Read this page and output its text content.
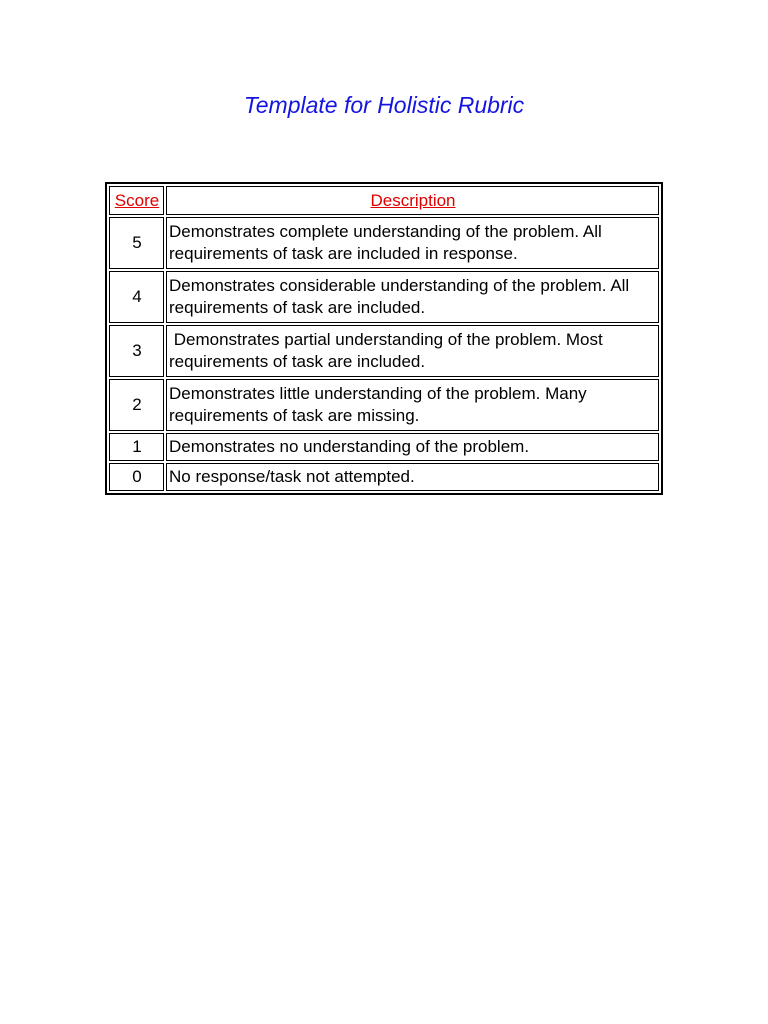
Template for Holistic Rubric
Score	Description
5	Demonstrates complete understanding of the problem. All requirements of task are included in response.
4	Demonstrates considerable understanding of the problem. All requirements of task are included.
3	Demonstrates partial understanding of the problem. Most requirements of task are included.
2	Demonstrates little understanding of the problem. Many requirements of task are missing.
1	Demonstrates no understanding of the problem.
0	No response/task not attempted.
